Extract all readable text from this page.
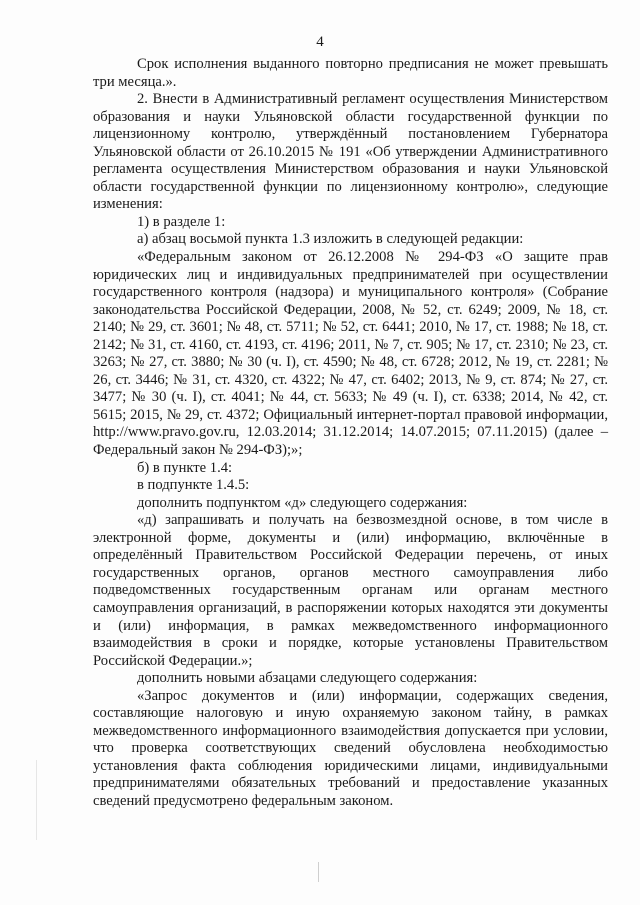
4

Срок исполнения выданного повторно предписания не может превышать три месяца.».

2. Внести в Административный регламент осуществления Министерством образования и науки Ульяновской области государственной функции по лицензионному контролю, утверждённый постановлением Губернатора Ульяновской области от 26.10.2015 № 191 «Об утверждении Административного регламента осуществления Министерством образования и науки Ульяновской области государственной функции по лицензионному контролю», следующие изменения:

1) в разделе 1:

а) абзац восьмой пункта 1.3 изложить в следующей редакции:

«Федеральным законом от 26.12.2008 № 294-ФЗ «О защите прав юридических лиц и индивидуальных предпринимателей при осуществлении государственного контроля (надзора) и муниципального контроля» (Собрание законодательства Российской Федерации, 2008, № 52, ст. 6249; 2009, № 18, ст. 2140; № 29, ст. 3601; № 48, ст. 5711; № 52, ст. 6441; 2010, № 17, ст. 1988; № 18, ст. 2142; № 31, ст. 4160, ст. 4193, ст. 4196; 2011, № 7, ст. 905; № 17, ст. 2310; № 23, ст. 3263; № 27, ст. 3880; № 30 (ч. I), ст. 4590; № 48, ст. 6728; 2012, № 19, ст. 2281; № 26, ст. 3446; № 31, ст. 4320, ст. 4322; № 47, ст. 6402; 2013, № 9, ст. 874; № 27, ст. 3477; № 30 (ч. I), ст. 4041; № 44, ст. 5633; № 49 (ч. I), ст. 6338; 2014, № 42, ст. 5615; 2015, № 29, ст. 4372; Официальный интернет-портал правовой информации, http://www.pravo.gov.ru, 12.03.2014; 31.12.2014; 14.07.2015; 07.11.2015) (далее – Федеральный закон № 294-ФЗ);»;

б) в пункте 1.4:

в подпункте 1.4.5:

дополнить подпунктом «д» следующего содержания:

«д) запрашивать и получать на безвозмездной основе, в том числе в электронной форме, документы и (или) информацию, включённые в определённый Правительством Российской Федерации перечень, от иных государственных органов, органов местного самоуправления либо подведомственных государственным органам или органам местного самоуправления организаций, в распоряжении которых находятся эти документы и (или) информация, в рамках межведомственного информационного взаимодействия в сроки и порядке, которые установлены Правительством Российской Федерации.»;

дополнить новыми абзацами следующего содержания:

«Запрос документов и (или) информации, содержащих сведения, составляющие налоговую и иную охраняемую законом тайну, в рамках межведомственного информационного взаимодействия допускается при условии, что проверка соответствующих сведений обусловлена необходимостью установления факта соблюдения юридическими лицами, индивидуальными предпринимателями обязательных требований и предоставление указанных сведений предусмотрено федеральным законом.
